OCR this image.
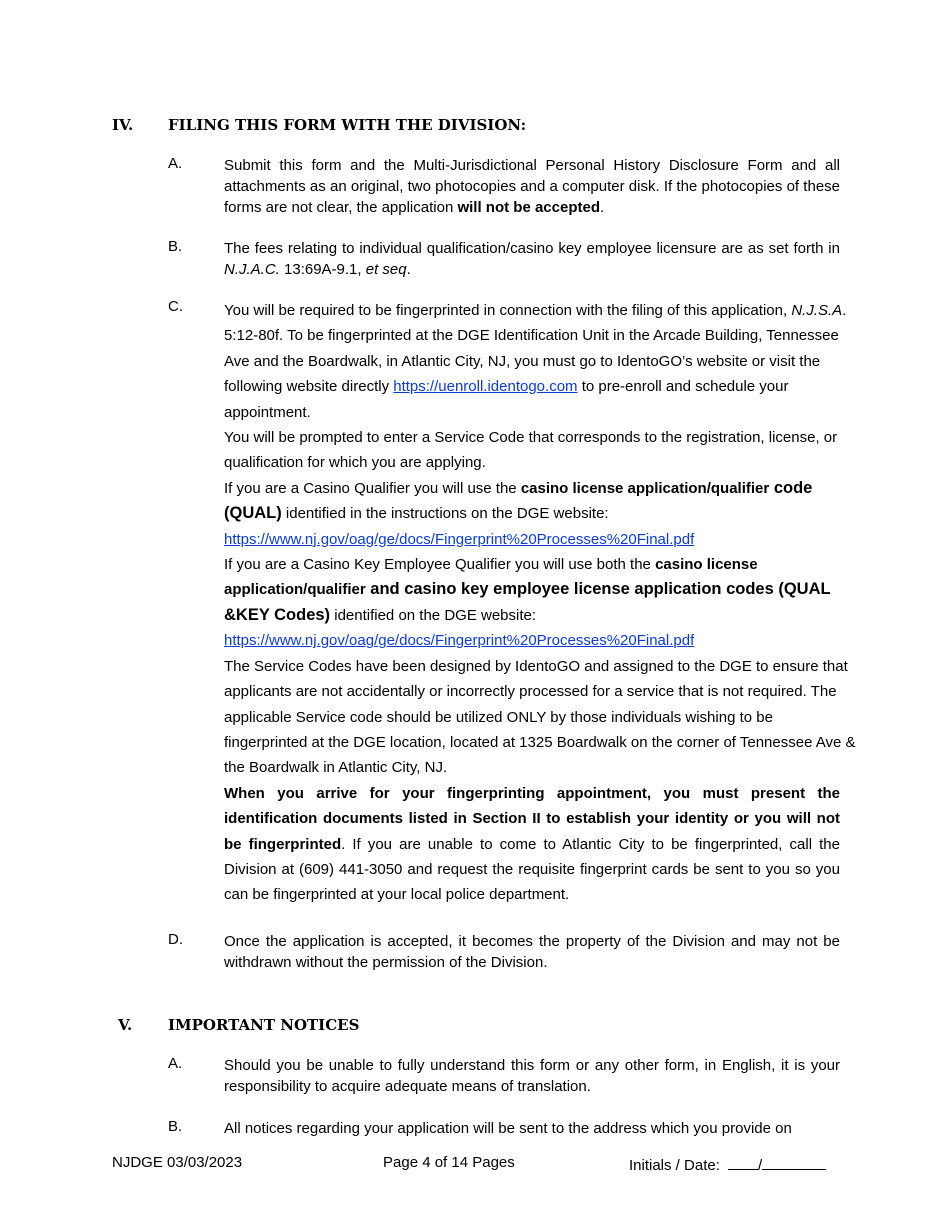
IV. FILING THIS FORM WITH THE DIVISION:
A.	Submit this form and the Multi-Jurisdictional Personal History Disclosure Form and all attachments as an original, two photocopies and a computer disk. If the photocopies of these forms are not clear, the application will not be accepted.
B.	The fees relating to individual qualification/casino key employee licensure are as set forth in N.J.A.C. 13:69A-9.1, et seq.
C.	You will be required to be fingerprinted in connection with the filing of this application, N.J.S.A. 5:12-80f. To be fingerprinted at the DGE Identification Unit in the Arcade Building, Tennessee Ave and the Boardwalk, in Atlantic City, NJ, you must go to IdentoGO’s website or visit the following website directly https://uenroll.identogo.com to pre-enroll and schedule your appointment.

You will be prompted to enter a Service Code that corresponds to the registration, license, or qualification for which you are applying.

If you are a Casino Qualifier you will use the casino license application/qualifier code (QUAL) identified in the instructions on the DGE website:
https://www.nj.gov/oag/ge/docs/Fingerprint%20Processes%20Final.pdf

If you are a Casino Key Employee Qualifier you will use both the casino license application/qualifier and casino key employee license application codes (QUAL &KEY Codes) identified on the DGE website:
https://www.nj.gov/oag/ge/docs/Fingerprint%20Processes%20Final.pdf

The Service Codes have been designed by IdentoGO and assigned to the DGE to ensure that applicants are not accidentally or incorrectly processed for a service that is not required. The applicable Service code should be utilized ONLY by those individuals wishing to be fingerprinted at the DGE location, located at 1325 Boardwalk on the corner of Tennessee Ave & the Boardwalk in Atlantic City, NJ.

When you arrive for your fingerprinting appointment, you must present the identification documents listed in Section II to establish your identity or you will not be fingerprinted. If you are unable to come to Atlantic City to be fingerprinted, call the Division at (609) 441-3050 and request the requisite fingerprint cards be sent to you so you can be fingerprinted at your local police department.

D.	Once the application is accepted, it becomes the property of the Division and may not be withdrawn without the permission of the Division.
V. IMPORTANT NOTICES
A.	Should you be unable to fully understand this form or any other form, in English, it is your responsibility to acquire adequate means of translation.
B.	All notices regarding your application will be sent to the address which you provide on
NJDGE 03/03/2023	Page 4 of 14 Pages	Initials / Date:	/
